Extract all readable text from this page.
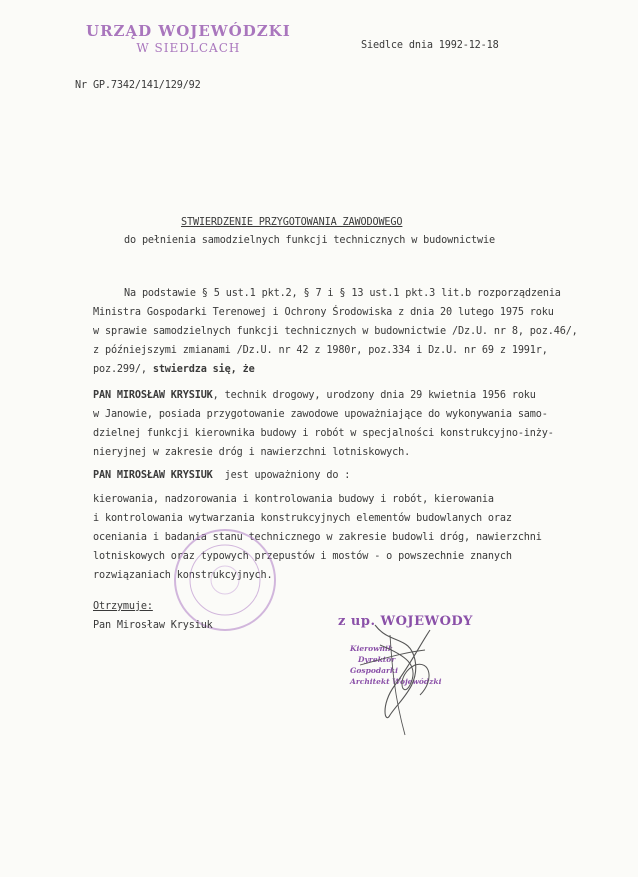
URZĄD WOJEWÓDZKI
W SIEDLCACH	Siedlce dnia 1992-12-18
Nr GP.7342/141/129/92
STWIERDZENIE PRZYGOTOWANIA ZAWODOWEGO
do pełnienia samodzielnych funkcji technicznych w budownictwie
Na podstawie § 5 ust.1 pkt.2, § 7 i § 13 ust.1 pkt.3 lit.b rozporządzenia
Ministra Gospodarki Terenowej i Ochrony Środowiska z dnia 20 lutego 1975 roku
w sprawie samodzielnych funkcji technicznych w budownictwie /Dz.U. nr 8, poz.46/,
z późniejszymi zmianami /Dz.U. nr 42 z 1980r, poz.334 i Dz.U. nr 69 z 1991r,
poz.299/, stwierdza się, że
PAN MIROSŁAW KRYSIUK, technik drogowy, urodzony dnia 29 kwietnia 1956 roku
w Janowie, posiada przygotowanie zawodowe upoważniające do wykonywania samo-
dzielnej funkcji kierownika budowy i robót w specjalności konstrukcyjno-inży-
nieryjnej w zakresie dróg i nawierzchni lotniskowych.
PAN MIROSŁAW KRYSIUK jest upoważniony do :
kierowania, nadzorowania i kontrolowania budowy i robót, kierowania
i kontrolowania wytwarzania konstrukcyjnych elementów budowlanych oraz
oceniania i badania stanu technicznego w zakresie budowli dróg, nawierzchni
lotniskowych oraz typowych przepustów i mostów - o powszechnie znanych
rozwiązaniach konstrukcyjnych.
Otrzymuje:
Pan Mirosław Krysiuk	z up. WOJEWODY
Kierownik
Dyrektor
Gospodarki
Architekt Wojewódzki
